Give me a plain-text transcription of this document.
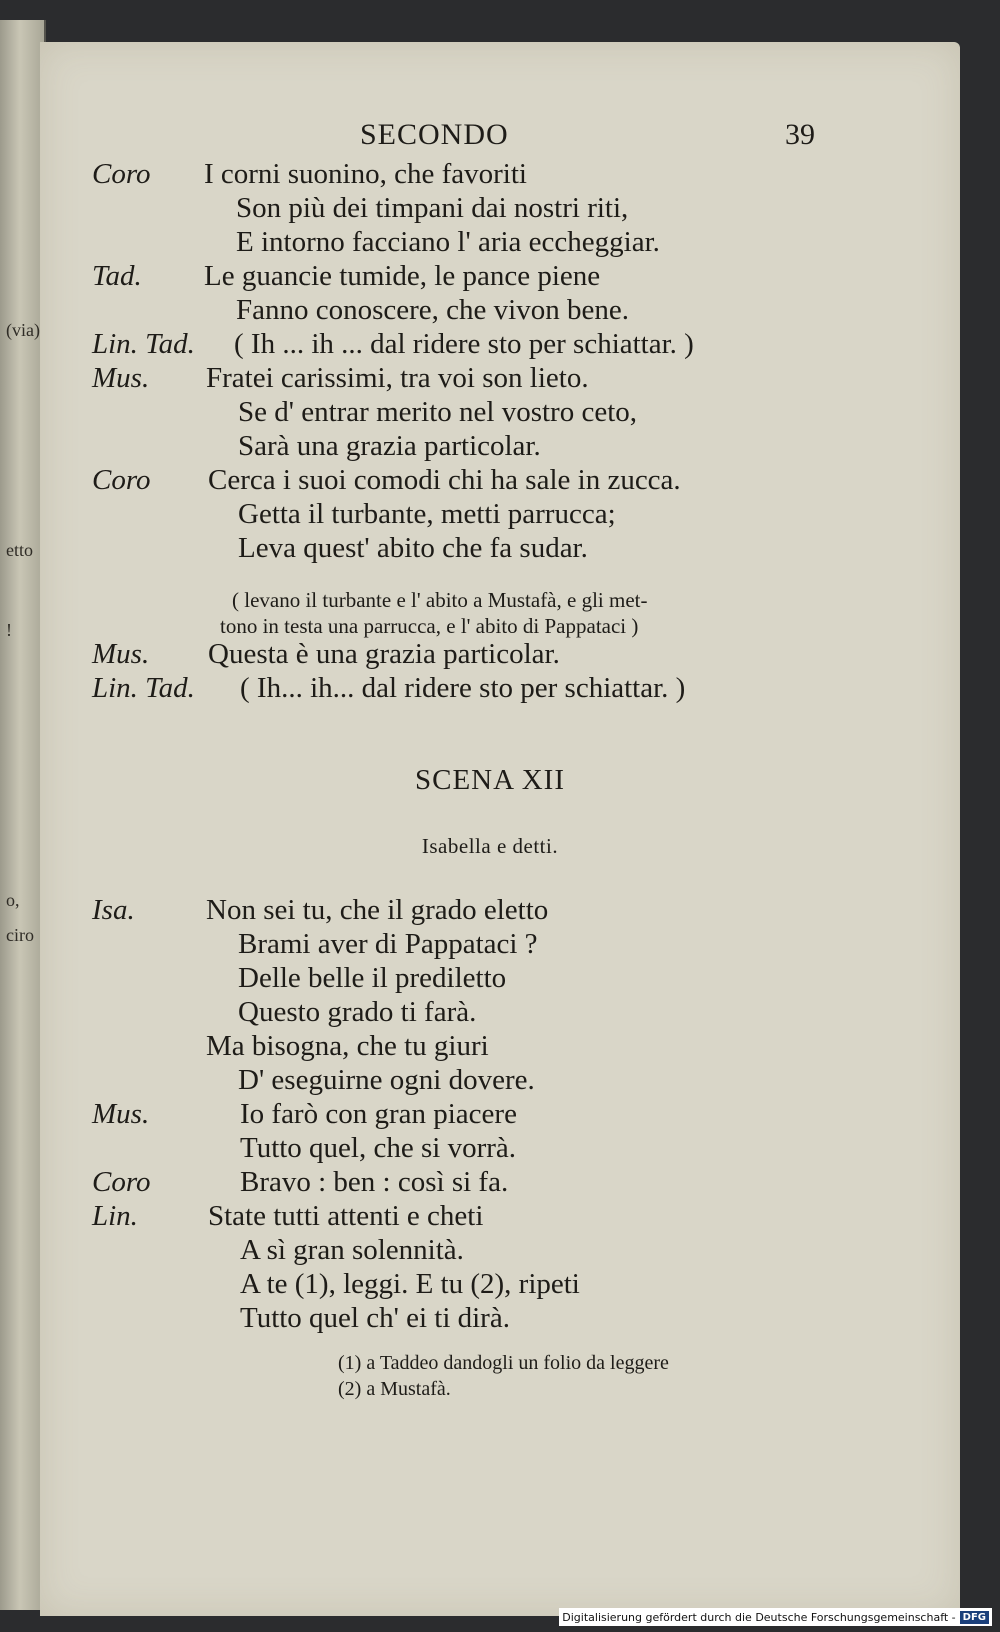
(via)
etto
!
o,
ciro
SECONDO	39
Coro I corni suonino, che favoriti
Son più dei timpani dai nostri riti,
E intorno facciano l' aria eccheggiar.
Tad. Le guancie tumide, le pance piene
Fanno conoscere, che vivon bene.
Lin. Tad. ( Ih ... ih ... dal ridere sto per schiattar. )
Mus. Fratei carissimi, tra voi son lieto.
Se d' entrar merito nel vostro ceto,
Sarà una grazia particolar.
Coro Cerca i suoi comodi chi ha sale in zucca.
Getta il turbante, metti parrucca;
Leva quest' abito che fa sudar.
( levano il turbante e l' abito a Mustafà, e gli met-
tono in testa una parrucca, e l' abito di Pappataci )
Mus. Questa è una grazia particolar.
Lin. Tad. ( Ih... ih... dal ridere sto per schiattar. )
SCENA XII
Isabella e detti.
Isa. Non sei tu, che il grado eletto
Brami aver di Pappataci ?
Delle belle il prediletto
Questo grado ti farà.
Ma bisogna, che tu giuri
D' eseguirne ogni dovere.
Mus.	Io farò con gran piacere
Tutto quel, che si vorrà.
Coro	Bravo : ben : così si fa.
Lin. State tutti attenti e cheti
A sì gran solennità.
A te (1), leggi. E tu (2), ripeti
Tutto quel ch' ei ti dirà.
(1) a Taddeo dandogli un folio da leggere
(2) a Mustafà.
Digitalisierung gefördert durch die Deutsche Forschungsgemeinschaft - DFG
